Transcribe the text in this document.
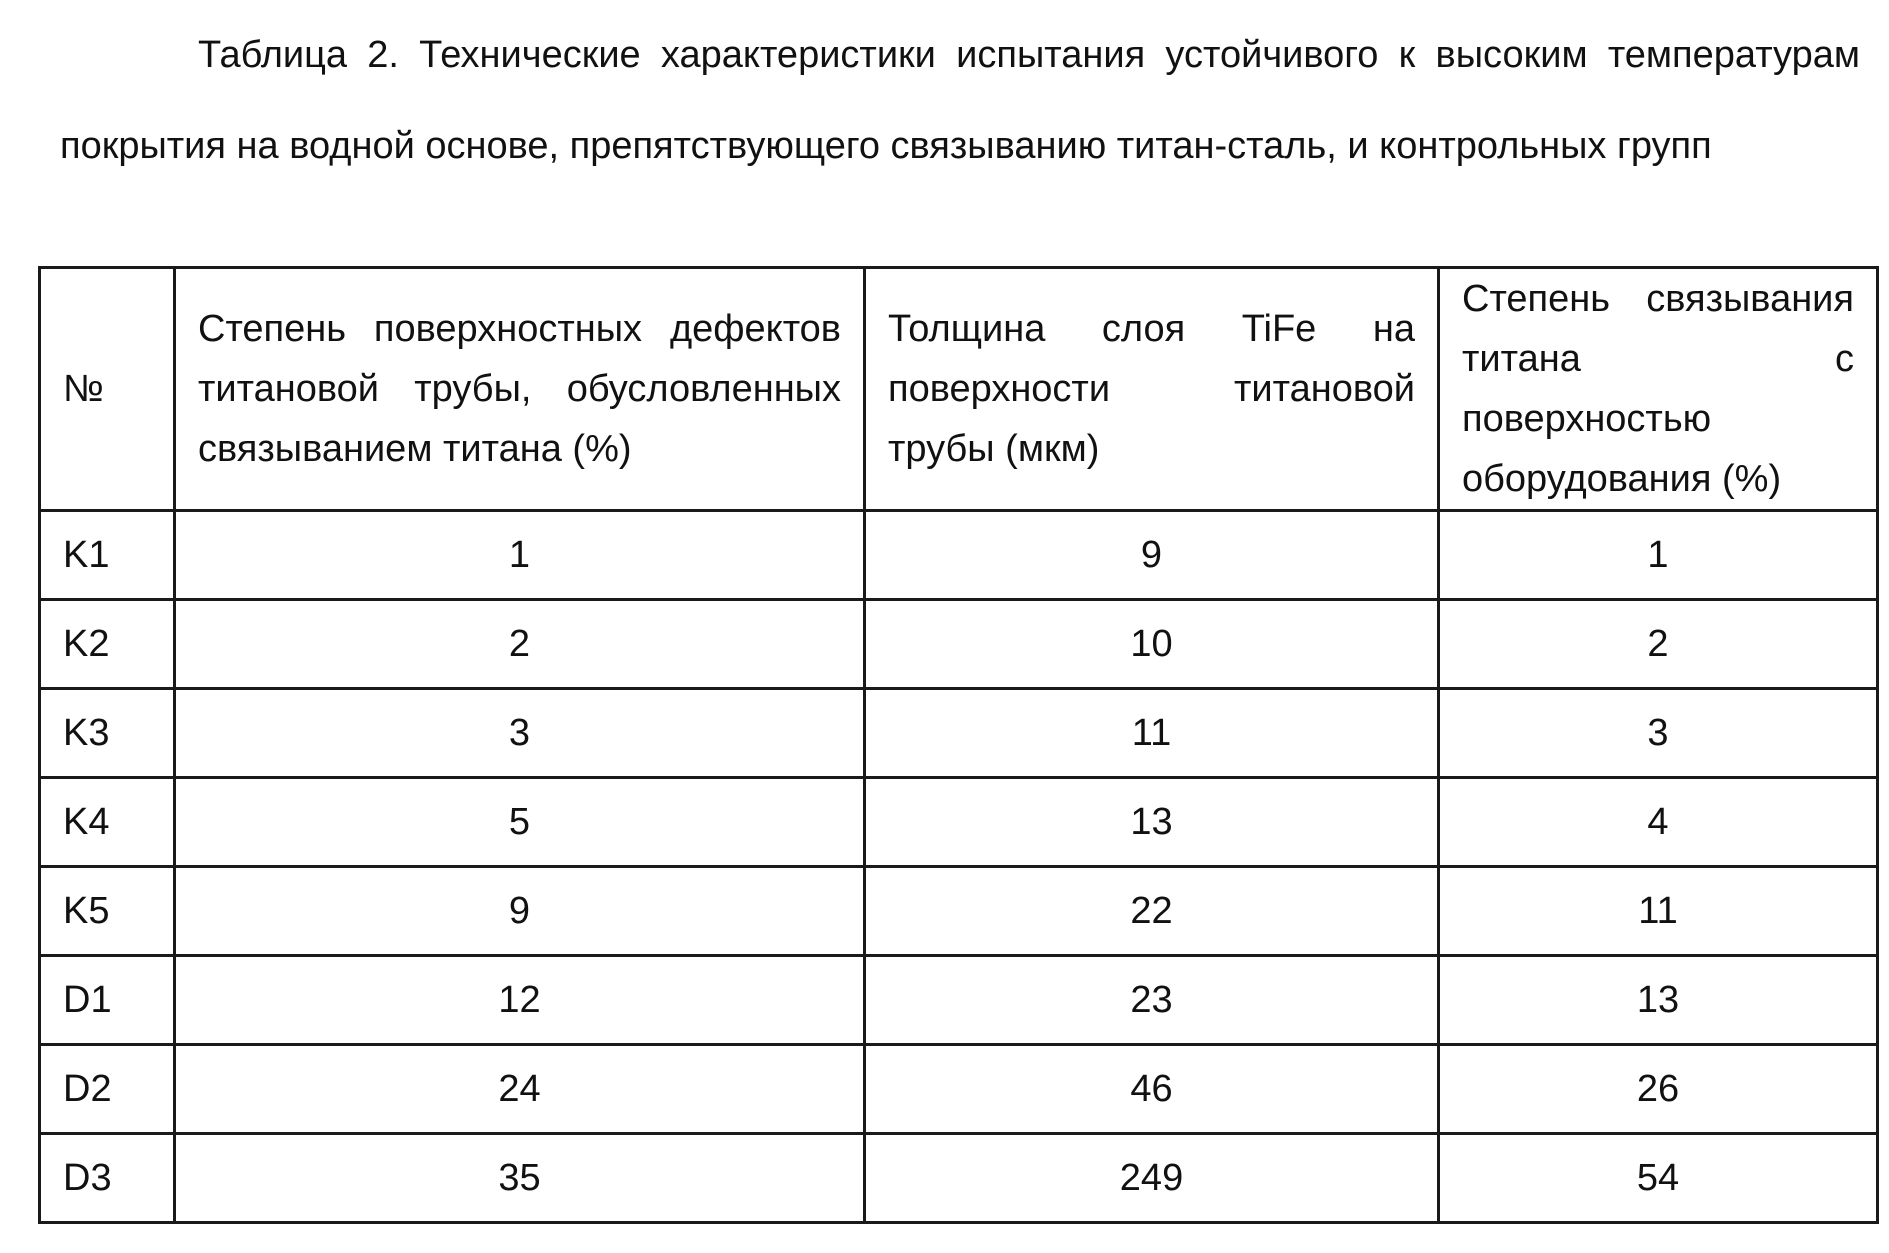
Таблица 2. Технические характеристики испытания устойчивого к высоким температурам покрытия на водной основе, препятствующего связыванию титан-сталь, и контрольных групп

№	Степень поверхностных дефектов титановой трубы, обусловленных связыванием титана (%)	Толщина слоя TiFe на поверхности титановой трубы (мкм)	Степень связывания титана с поверхностью оборудования (%)
K1	1	9	1
K2	2	10	2
K3	3	11	3
K4	5	13	4
K5	9	22	11
D1	12	23	13
D2	24	46	26
D3	35	249	54
